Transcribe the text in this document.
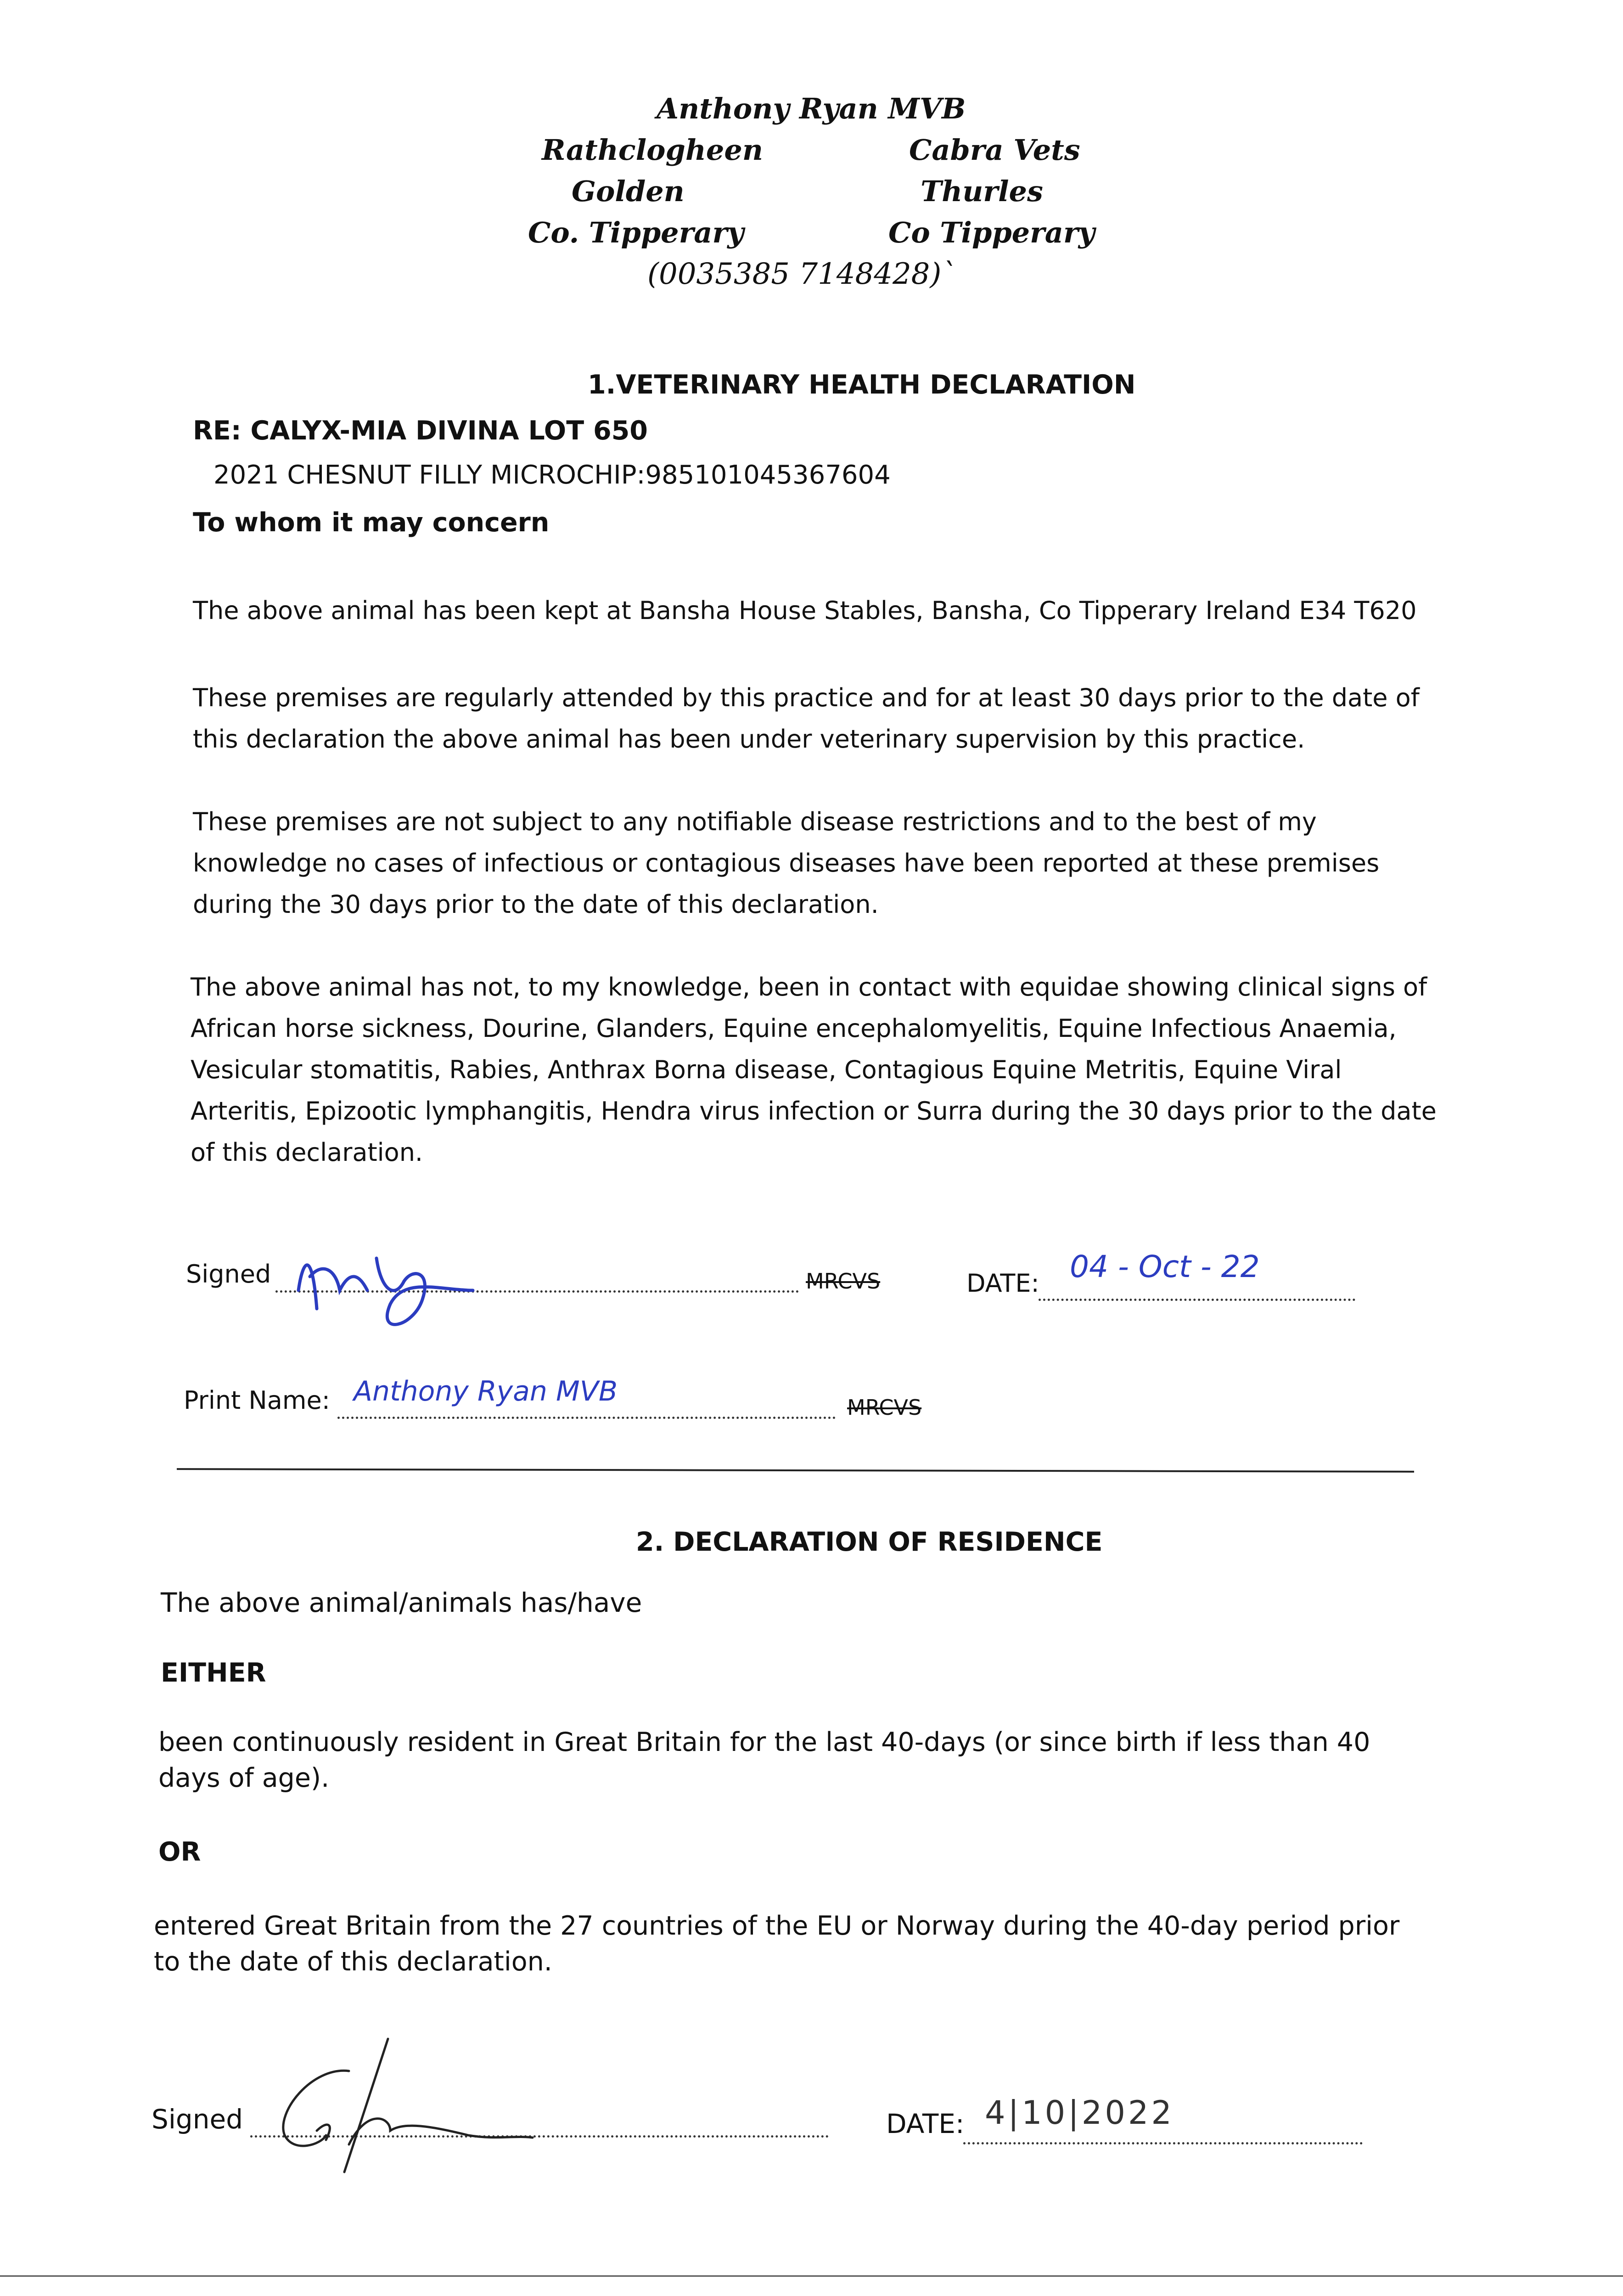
Anthony Ryan MVB
Rathclogheen
Golden
Co. Tipperary
Cabra Vets
Thurles
Co Tipperary
(0035385 7148428)`
1.VETERINARY HEALTH DECLARATION
RE: CALYX-MIA DIVINA LOT 650
2021 CHESNUT FILLY MICROCHIP:985101045367604
To whom it may concern
The above animal has been kept at Bansha House Stables, Bansha, Co Tipperary Ireland E34 T620
These premises are regularly attended by this practice and for at least 30 days prior to the date of this declaration the above animal has been under veterinary supervision by this practice.
These premises are not subject to any notifiable disease restrictions and to the best of my knowledge no cases of infectious or contagious diseases have been reported at these premises during the 30 days prior to the date of this declaration.
The above animal has not, to my knowledge, been in contact with equidae showing clinical signs of African horse sickness, Dourine, Glanders, Equine encephalomyelitis, Equine Infectious Anaemia, Vesicular stomatitis, Rabies, Anthrax Borna disease, Contagious Equine Metritis, Equine Viral Arteritis, Epizootic lymphangitis, Hendra virus infection or Surra during the 30 days prior to the date of this declaration.
Signed	MRCVS	DATE: 04 - Oct - 22
Print Name: Anthony Ryan MVB	MRCVS
2. DECLARATION OF RESIDENCE
The above animal/animals has/have
EITHER
been continuously resident in Great Britain for the last 40-days (or since birth if less than 40 days of age).
OR
entered Great Britain from the 27 countries of the EU or Norway during the 40-day period prior to the date of this declaration.
Signed	DATE: 4|10|2022
